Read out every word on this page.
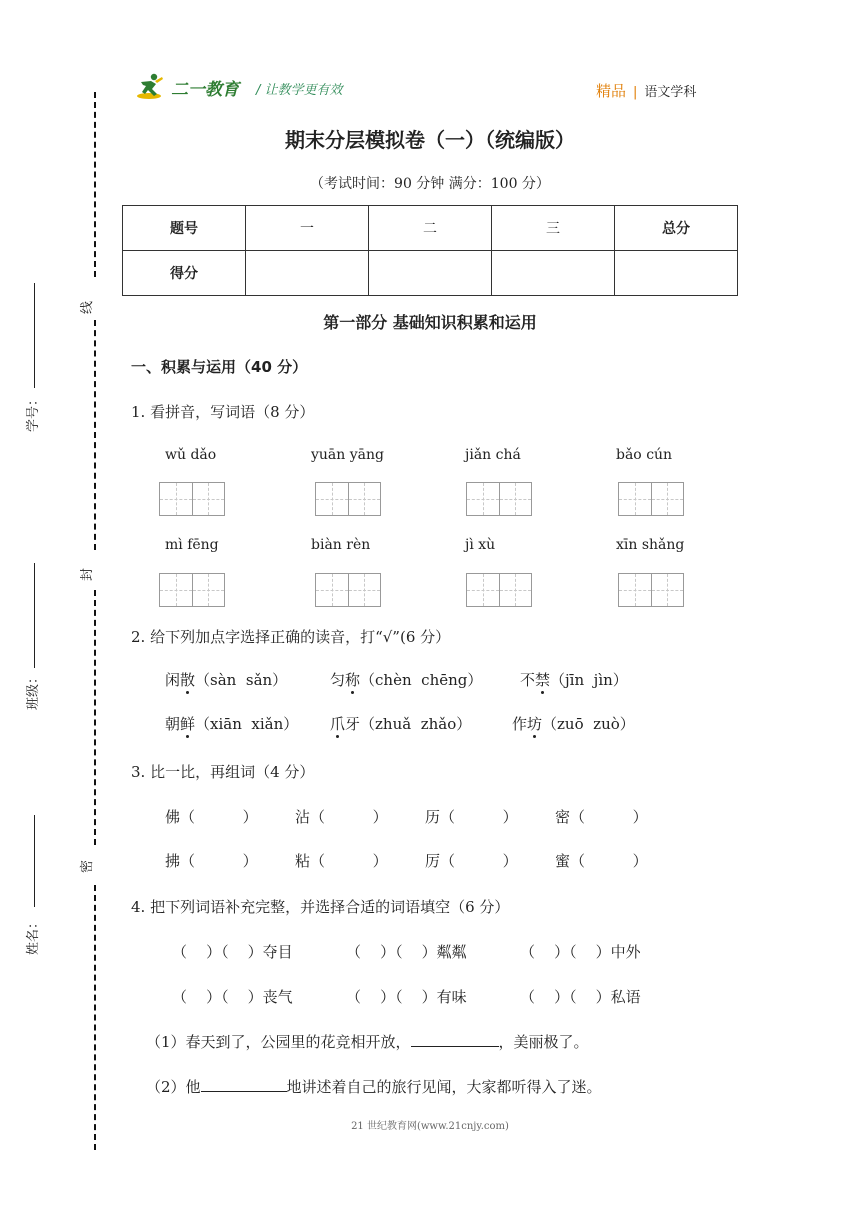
二一教育 / 让教学更有效	精品 | 语文学科
期末分层模拟卷（一）（统编版）
（考试时间：90 分钟 满分：100 分）
题号	一	二	三	总分
得分				
线
封
密
学号：
班级：
姓名：
第一部分 基础知识积累和运用
一、积累与运用（40 分）
1. 看拼音，写词语（8 分）
wǔ dǎo	yuān yāng	jiǎn chá	bǎo cún
mì fēng	biàn rèn	jì xù	xīn shǎng
2. 给下列加点字选择正确的读音，打“√”(6 分）
闲散（sàn  sǎn）	匀称（chèn  chēng）	不禁（jīn  jìn）
朝鲜（xiān  xiǎn） 爪牙（zhuǎ  zhǎo）	作坊（zuō  zuò）
3. 比一比，再组词（4 分）
佛（          ） 沾（          ） 历（          ） 密（          ）
拂（          ） 粘（          ） 厉（          ） 蜜（          ）
4. 把下列词语补充完整，并选择合适的词语填空（6 分）
（    ）（    ）夺目	（    ）（    ）粼粼	（    ）（    ）中外
（    ）（    ）丧气	（    ）（    ）有味	（    ）（    ）私语
（1）春天到了，公园里的花竞相开放，	，美丽极了。
（2）他	地讲述着自己的旅行见闻，大家都听得入了迷。
21 世纪教育网(www.21cnjy.com)
